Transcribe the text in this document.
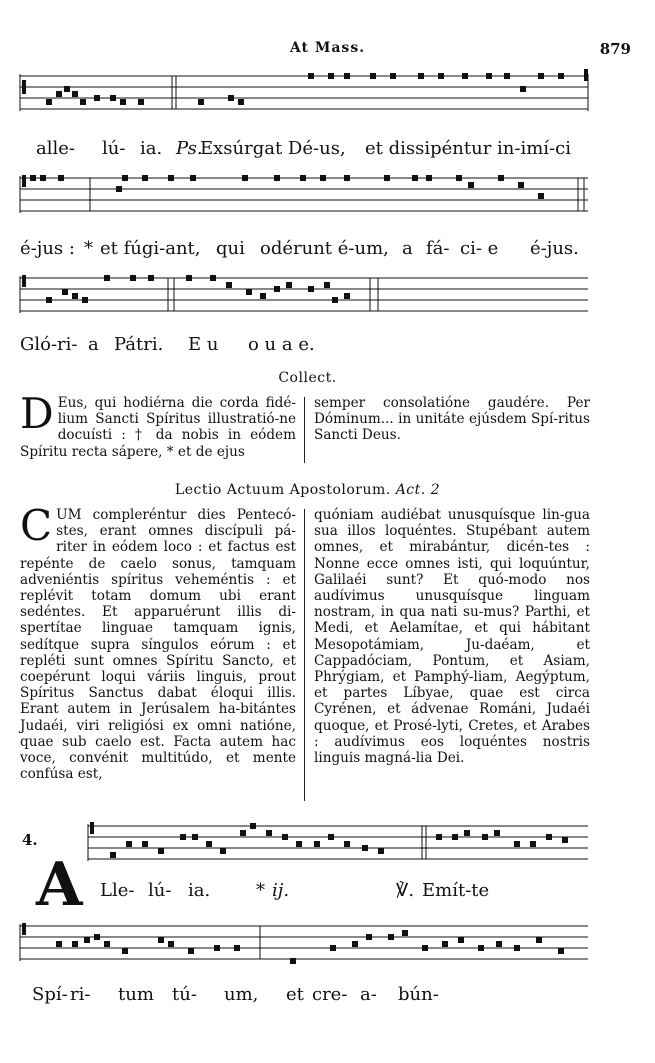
At Mass.	879
alle- lú- ia. Ps.
Exsúrgat Dé-us, et dissipéntur in-imí-ci
é-jus : * et fúgi-ant, qui odérunt é-um, a fá- ci- e é-jus.
Gló-ri- a Pátri. E u o u a e.
Collect.
D Eus, qui hodiérna die corda fidé-lium Sancti Spíritus illustratió-ne docuísti : † da nobis in eódem Spíritu recta sápere, * et de ejus
semper consolatióne gaudére. Per Dóminum... in unitáte ejúsdem Spí-ritus Sancti Deus.
Lectio Actuum Apostolorum. Act. 2
CUM compleréntur dies Pentecó-stes, erant omnes discípuli pá-riter in eódem loco : et factus est repénte de caelo sonus, tamquam adveniéntis spíritus veheméntis : et replévit totam domum ubi erant sedéntes. Et apparuérunt illis di-spertítae linguae tamquam ignis, sedítque supra síngulos eórum : et repléti sunt omnes Spíritu Sancto, et coepérunt loqui váriis linguis, prout Spíritus Sanctus dabat éloqui illis. Erant autem in Jerúsalem ha-bitántes Judaéi, viri religiósi ex omni natióne, quae sub caelo est. Facta autem hac voce, convénit multitúdo, et mente confúsa est,
quóniam audiébat unusquísque lin-gua sua illos loquéntes. Stupébant autem omnes, et mirabántur, dicén-tes : Nonne ecce omnes isti, qui loquúntur, Galilaéi sunt? Et quó-modo nos audívimus unusquísque linguam nostram, in qua nati su-mus? Parthi, et Medi, et Aelamítae, et qui hábitant Mesopotámiam, Ju-daéam, et Cappadóciam, Pontum, et Asiam, Phrýgiam, et Pamphý-liam, Aegýptum, et partes Líbyae, quae est circa Cyrénen, et ádvenae Románi, Judaéi quoque, et Prosé-lyti, Cretes, et Arabes : audívimus eos loquéntes nostris linguis magná-lia Dei.
4.
A Lle- lú- ia.	* ij.	℣. Emít-te
Spí- ri- tum tú- um, et cre- a- bún-
